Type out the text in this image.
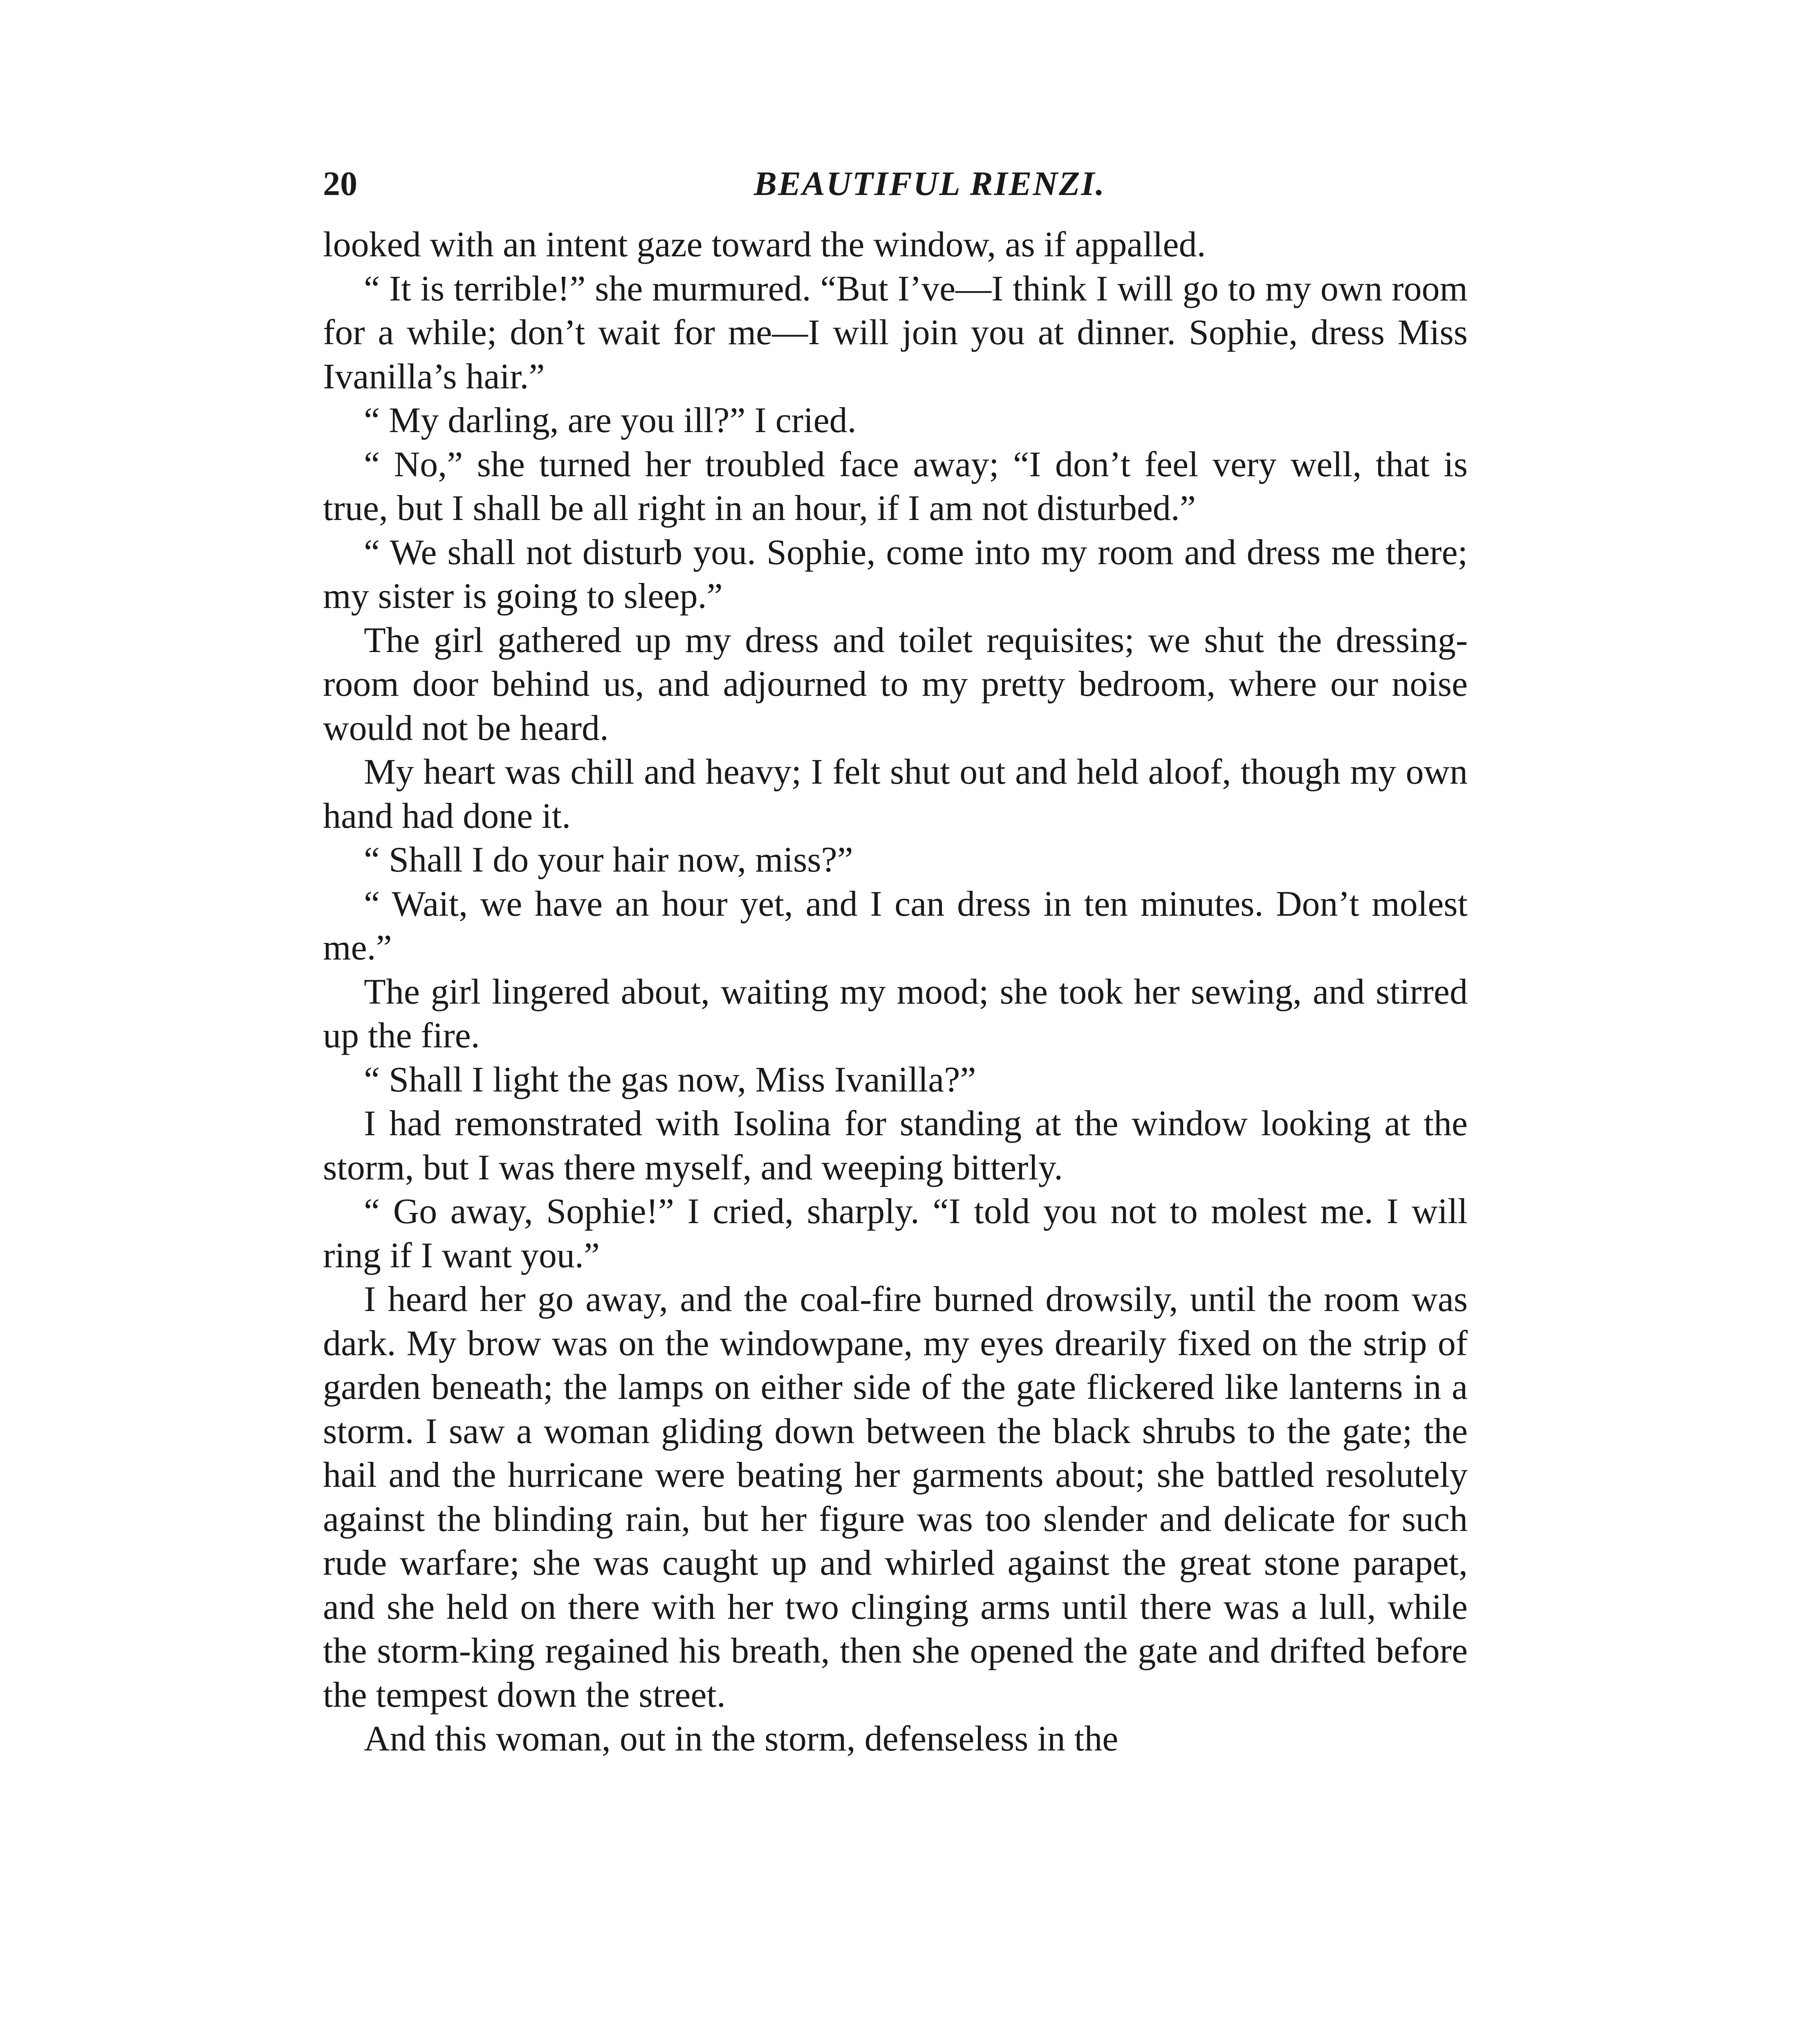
20	BEAUTIFUL RIENZI.

looked with an intent gaze toward the window, as if appalled.

“ It is terrible!” she murmured. “But I’ve—I think I will go to my own room for a while; don’t wait for me—I will join you at dinner. Sophie, dress Miss Ivanilla’s hair.”

“ My darling, are you ill?” I cried.

“ No,” she turned her troubled face away; “I don’t feel very well, that is true, but I shall be all right in an hour, if I am not disturbed.”

“ We shall not disturb you. Sophie, come into my room and dress me there; my sister is going to sleep.”

The girl gathered up my dress and toilet requisites; we shut the dressing-room door behind us, and adjourned to my pretty bedroom, where our noise would not be heard.

My heart was chill and heavy; I felt shut out and held aloof, though my own hand had done it.

“ Shall I do your hair now, miss?”

“ Wait, we have an hour yet, and I can dress in ten minutes. Don’t molest me.”

The girl lingered about, waiting my mood; she took her sewing, and stirred up the fire.

“ Shall I light the gas now, Miss Ivanilla?”

I had remonstrated with Isolina for standing at the window looking at the storm, but I was there myself, and weeping bitterly.

“ Go away, Sophie!” I cried, sharply. “I told you not to molest me. I will ring if I want you.”

I heard her go away, and the coal-fire burned drowsily, until the room was dark. My brow was on the windowpane, my eyes drearily fixed on the strip of garden beneath; the lamps on either side of the gate flickered like lanterns in a storm. I saw a woman gliding down between the black shrubs to the gate; the hail and the hurricane were beating her garments about; she battled resolutely against the blinding rain, but her figure was too slender and delicate for such rude warfare; she was caught up and whirled against the great stone parapet, and she held on there with her two clinging arms until there was a lull, while the storm-king regained his breath, then she opened the gate and drifted before the tempest down the street.

And this woman, out in the storm, defenseless in the
